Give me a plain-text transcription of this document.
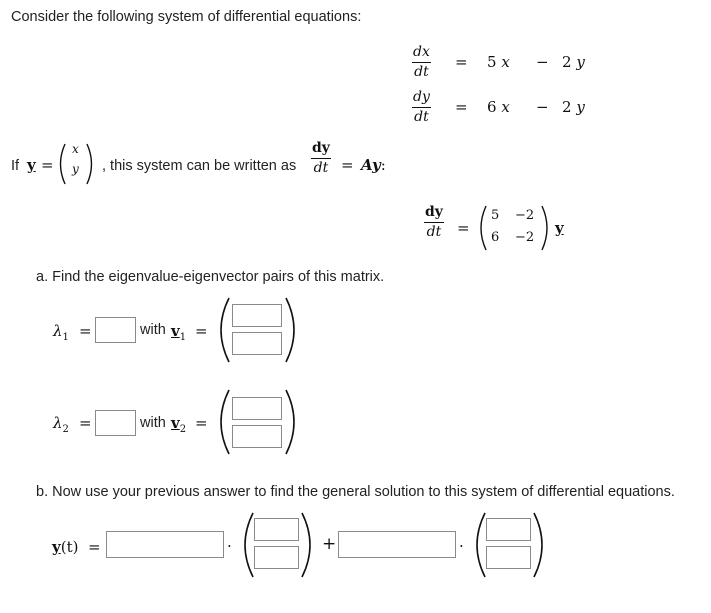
Consider the following system of differential equations:
$\frac{dx}{dt} = 5$ x − 2 y
$\frac{dy}{dt} = 6$ x − 2 y
If y =
x
y , this system can be written as $\frac{dy}{dt} = Ay$:
$\frac{dy}{dt}$ =
5 −2
6 −2
y
a. Find the eigenvalue-eigenvector pairs of this matrix.
$\lambda_1$ =	with $v_1$ =
$\lambda_2$ =	with $v_2$ =
b. Now use your previous answer to find the general solution to this system of differential equations.
y(t) =	·	+	·
